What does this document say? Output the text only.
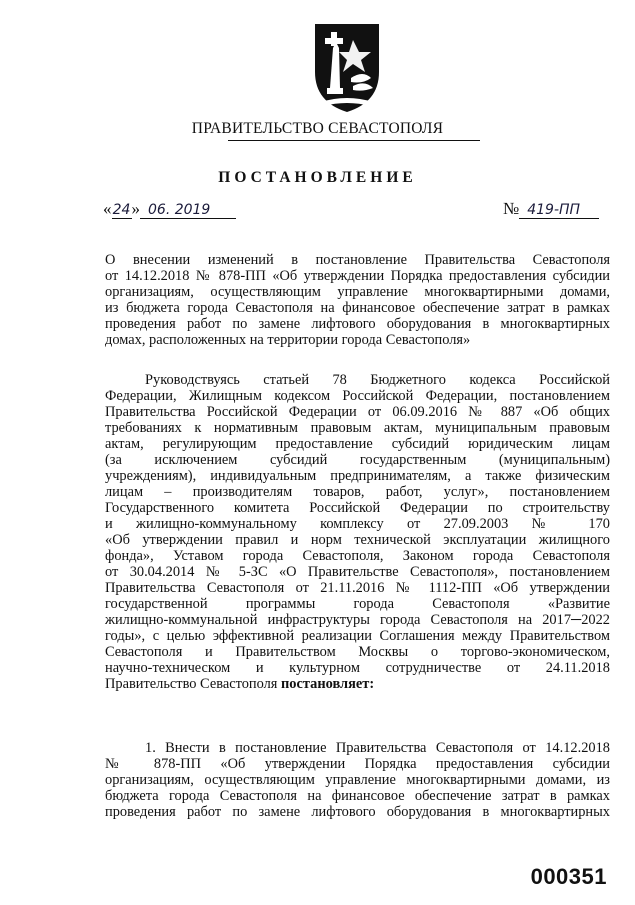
ПРАВИТЕЛЬСТВО СЕВАСТОПОЛЯ
ПОСТАНОВЛЕНИЕ
« 24 » 06. 2019	№ 419-ПП
О внесении изменений в постановление Правительства Севастополя
от 14.12.2018 № 878-ПП «Об утверждении Порядка предоставления субсидии
организациям, осуществляющим управление многоквартирными домами,
из бюджета города Севастополя на финансовое обеспечение затрат в рамках
проведения работ по замене лифтового оборудования в многоквартирных
домах, расположенных на территории города Севастополя»
Руководствуясь статьей 78 Бюджетного кодекса Российской
Федерации, Жилищным кодексом Российской Федерации, постановлением
Правительства Российской Федерации от 06.09.2016 № 887 «Об общих
требованиях к нормативным правовым актам, муниципальным правовым
актам, регулирующим предоставление субсидий юридическим лицам
(за исключением субсидий государственным (муниципальным)
учреждениям), индивидуальным предпринимателям, а также физическим
лицам – производителям товаров, работ, услуг», постановлением
Государственного комитета Российской Федерации по строительству
и жилищно-коммунальному комплексу от 27.09.2003 № 170
«Об утверждении правил и норм технической эксплуатации жилищного
фонда», Уставом города Севастополя, Законом города Севастополя
от 30.04.2014 № 5-ЗС «О Правительстве Севастополя», постановлением
Правительства Севастополя от 21.11.2016 № 1112-ПП «Об утверждении
государственной программы города Севастополя «Развитие
жилищно-коммунальной инфраструктуры города Севастополя на 2017─2022
годы», с целью эффективной реализации Соглашения между Правительством
Севастополя и Правительством Москвы о торгово-экономическом,
научно-техническом и культурном сотрудничестве от 24.11.2018
Правительство Севастополя постановляет:
1. Внести в постановление Правительства Севастополя от 14.12.2018
№ 878-ПП «Об утверждении Порядка предоставления субсидии
организациям, осуществляющим управление многоквартирными домами, из
бюджета города Севастополя на финансовое обеспечение затрат в рамках
проведения работ по замене лифтового оборудования в многоквартирных
000351
